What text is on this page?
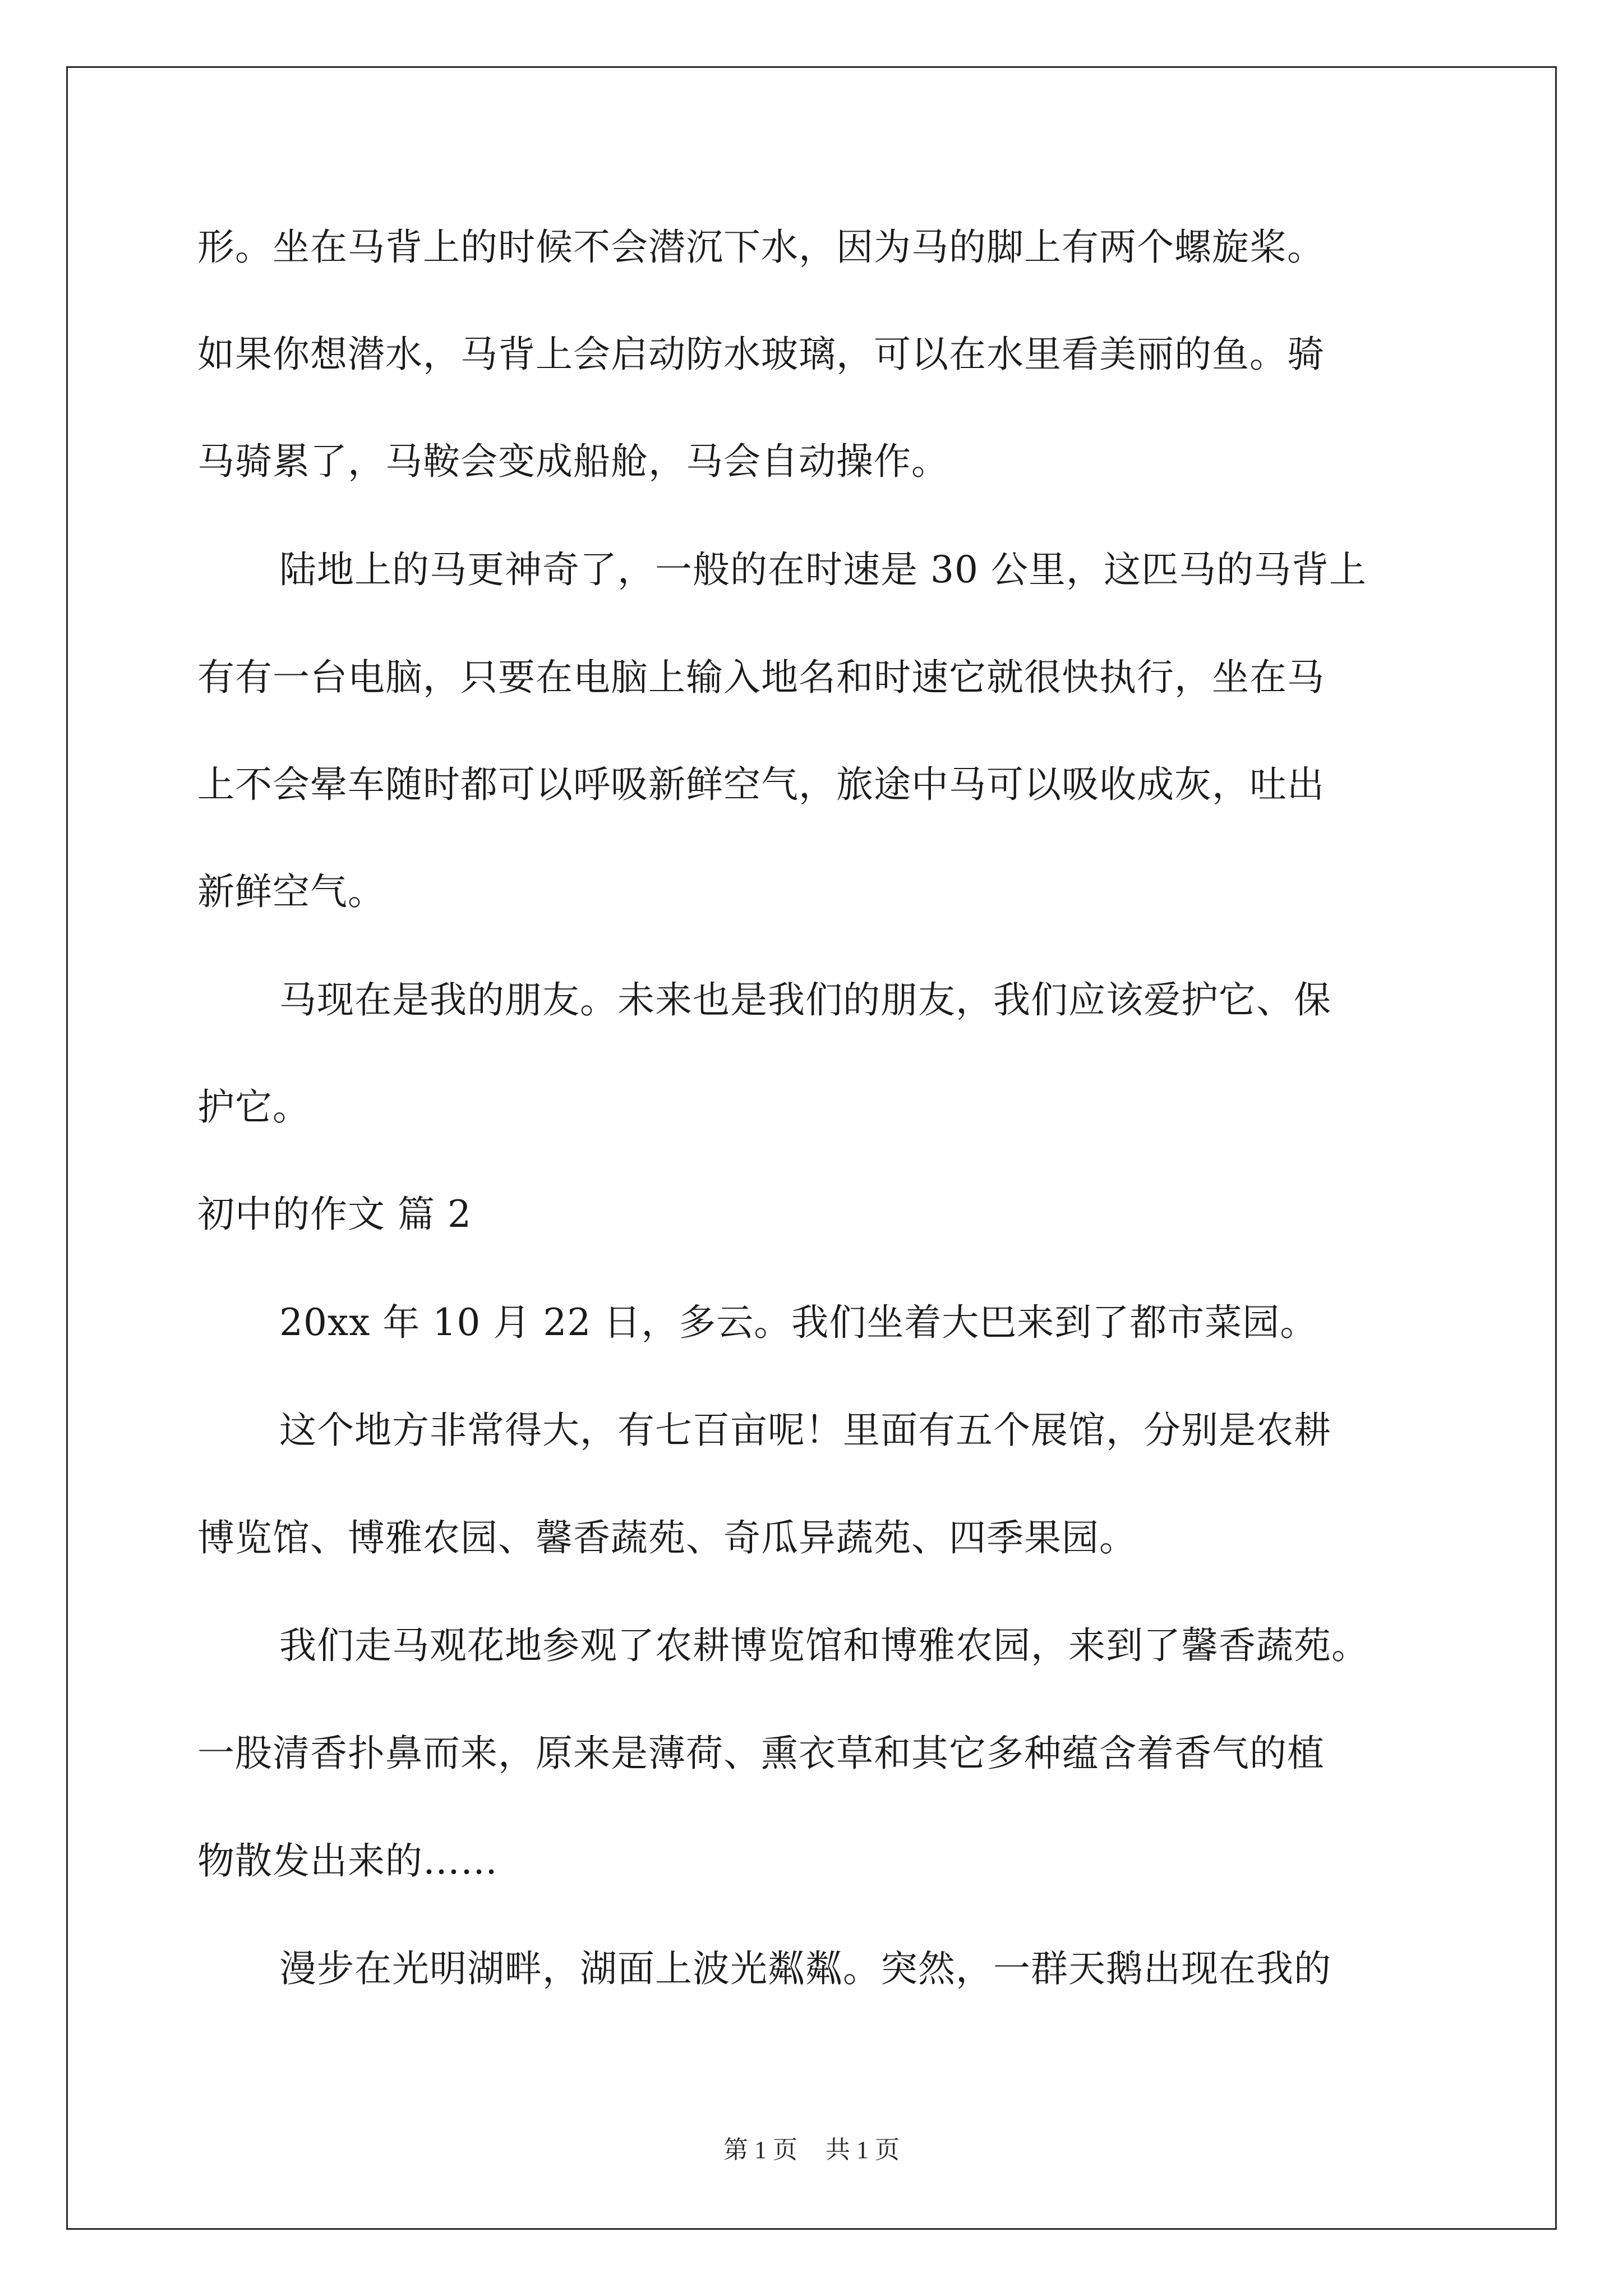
形。坐在马背上的时候不会潜沉下水，因为马的脚上有两个螺旋桨。
如果你想潜水，马背上会启动防水玻璃，可以在水里看美丽的鱼。骑
马骑累了，马鞍会变成船舱，马会自动操作。
陆地上的马更神奇了，一般的在时速是 30 公里，这匹马的马背上
有有一台电脑，只要在电脑上输入地名和时速它就很快执行，坐在马
上不会晕车随时都可以呼吸新鲜空气，旅途中马可以吸收成灰，吐出
新鲜空气。
马现在是我的朋友。未来也是我们的朋友，我们应该爱护它、保
护它。
初中的作文 篇 2
20xx 年 10 月 22 日，多云。我们坐着大巴来到了都市菜园。
这个地方非常得大，有七百亩呢！里面有五个展馆，分别是农耕
博览馆、博雅农园、馨香蔬苑、奇瓜异蔬苑、四季果园。
我们走马观花地参观了农耕博览馆和博雅农园，来到了馨香蔬苑。
一股清香扑鼻而来，原来是薄荷、熏衣草和其它多种蕴含着香气的植
物散发出来的……
漫步在光明湖畔，湖面上波光粼粼。突然，一群天鹅出现在我的
第 1 页 共 1 页
